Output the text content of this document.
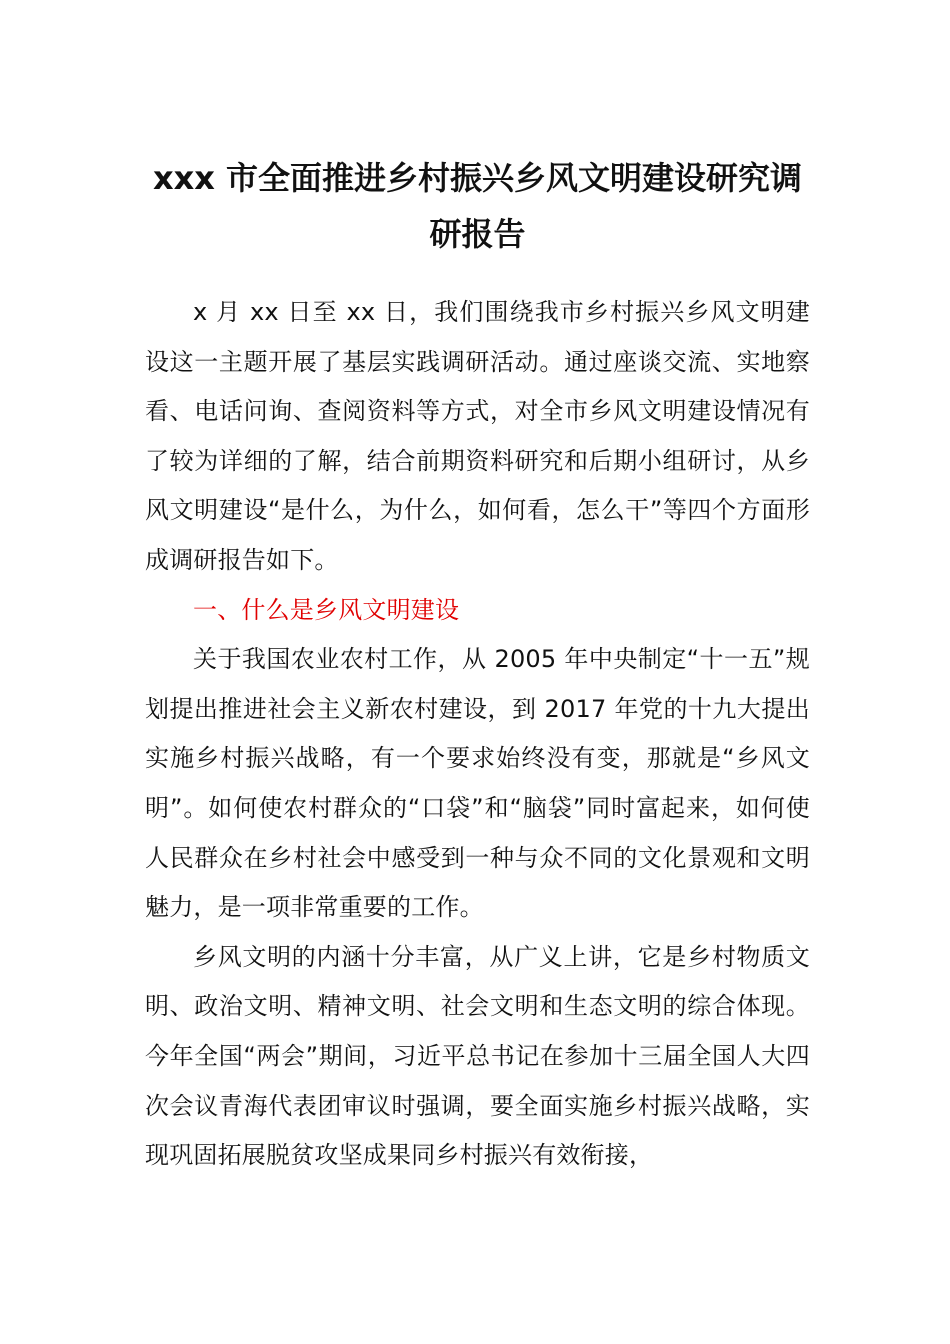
xxx 市全面推进乡村振兴乡风文明建设研究调研报告

x 月 xx 日至 xx 日，我们围绕我市乡村振兴乡风文明建设这一主题开展了基层实践调研活动。通过座谈交流、实地察看、电话问询、查阅资料等方式，对全市乡风文明建设情况有了较为详细的了解，结合前期资料研究和后期小组研讨，从乡风文明建设“是什么，为什么，如何看，怎么干”等四个方面形成调研报告如下。

一、什么是乡风文明建设

关于我国农业农村工作，从 2005 年中央制定“十一五”规划提出推进社会主义新农村建设，到 2017 年党的十九大提出实施乡村振兴战略，有一个要求始终没有变，那就是“乡风文明”。如何使农村群众的“口袋”和“脑袋”同时富起来，如何使人民群众在乡村社会中感受到一种与众不同的文化景观和文明魅力，是一项非常重要的工作。

乡风文明的内涵十分丰富，从广义上讲，它是乡村物质文明、政治文明、精神文明、社会文明和生态文明的综合体现。今年全国“两会”期间，习近平总书记在参加十三届全国人大四次会议青海代表团审议时强调，要全面实施乡村振兴战略，实现巩固拓展脱贫攻坚成果同乡村振兴有效衔接，
